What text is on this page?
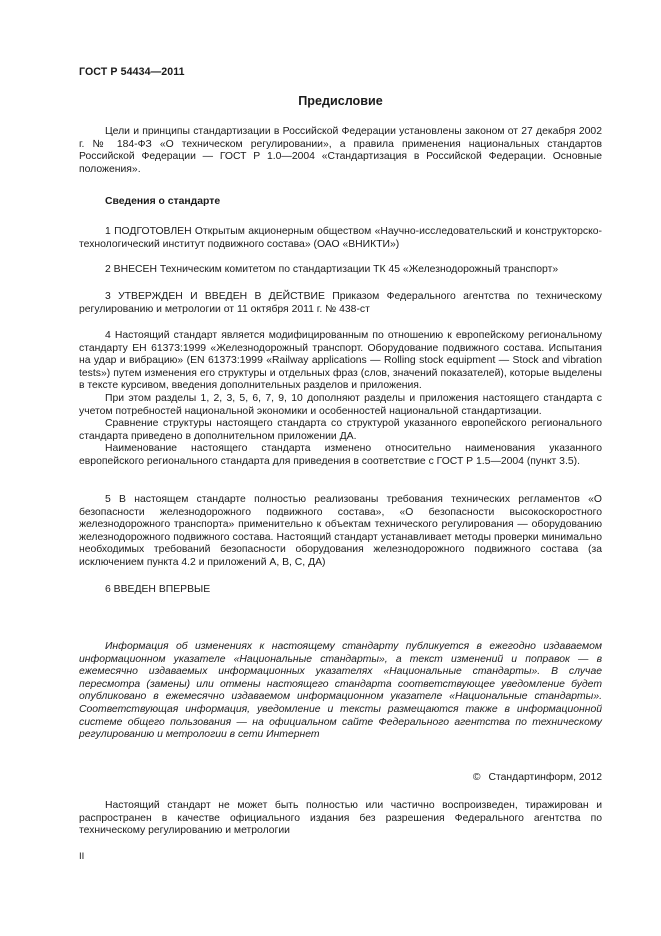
ГОСТ Р 54434—2011
Предисловие

Цели и принципы стандартизации в Российской Федерации установлены законом от 27 декабря 2002 г. № 184-ФЗ «О техническом регулировании», а правила применения национальных стандартов Российской Федерации — ГОСТ Р 1.0—2004 «Стандартизация в Российской Федерации. Основные положения».

Сведения о стандарте

1 ПОДГОТОВЛЕН Открытым акционерным обществом «Научно-исследовательский и конструкторско-технологический институт подвижного состава» (ОАО «ВНИКТИ»)

2 ВНЕСЕН Техническим комитетом по стандартизации ТК 45 «Железнодорожный транспорт»

3 УТВЕРЖДЕН И ВВЕДЕН В ДЕЙСТВИЕ Приказом Федерального агентства по техническому регулированию и метрологии от 11 октября 2011 г. № 438-ст

4 Настоящий стандарт является модифицированным по отношению к европейскому региональному стандарту ЕН 61373:1999 «Железнодорожный транспорт. Оборудование подвижного состава. Испытания на удар и вибрацию» (EN 61373:1999 «Railway applications — Rolling stock equipment — Stock and vibration tests») путем изменения его структуры и отдельных фраз (слов, значений показателей), которые выделены в тексте курсивом, введения дополнительных разделов и приложения.

При этом разделы 1, 2, 3, 5, 6, 7, 9, 10 дополняют разделы и приложения настоящего стандарта с учетом потребностей национальной экономики и особенностей национальной стандартизации.

Сравнение структуры настоящего стандарта со структурой указанного европейского регионального стандарта приведено в дополнительном приложении ДА.

Наименование настоящего стандарта изменено относительно наименования указанного европейского регионального стандарта для приведения в соответствие с ГОСТ Р 1.5—2004 (пункт 3.5).

5 В настоящем стандарте полностью реализованы требования технических регламентов «О безопасности железнодорожного подвижного состава», «О безопасности высокоскоростного железнодорожного транспорта» применительно к объектам технического регулирования — оборудованию железнодорожного подвижного состава. Настоящий стандарт устанавливает методы проверки минимально необходимых требований безопасности оборудования железнодорожного подвижного состава (за исключением пункта 4.2 и приложений А, В, С, ДА)

6 ВВЕДЕН ВПЕРВЫЕ

Информация об изменениях к настоящему стандарту публикуется в ежегодно издаваемом информационном указателе «Национальные стандарты», а текст изменений и поправок — в ежемесячно издаваемых информационных указателях «Национальные стандарты». В случае пересмотра (замены) или отмены настоящего стандарта соответствующее уведомление будет опубликовано в ежемесячно издаваемом информационном указателе «Национальные стандарты». Соответствующая информация, уведомление и тексты размещаются также в информационной системе общего пользования — на официальном сайте Федерального агентства по техническому регулированию и метрологии в сети Интернет

© Стандартинформ, 2012

Настоящий стандарт не может быть полностью или частично воспроизведен, тиражирован и распространен в качестве официального издания без разрешения Федерального агентства по техническому регулированию и метрологии

II
